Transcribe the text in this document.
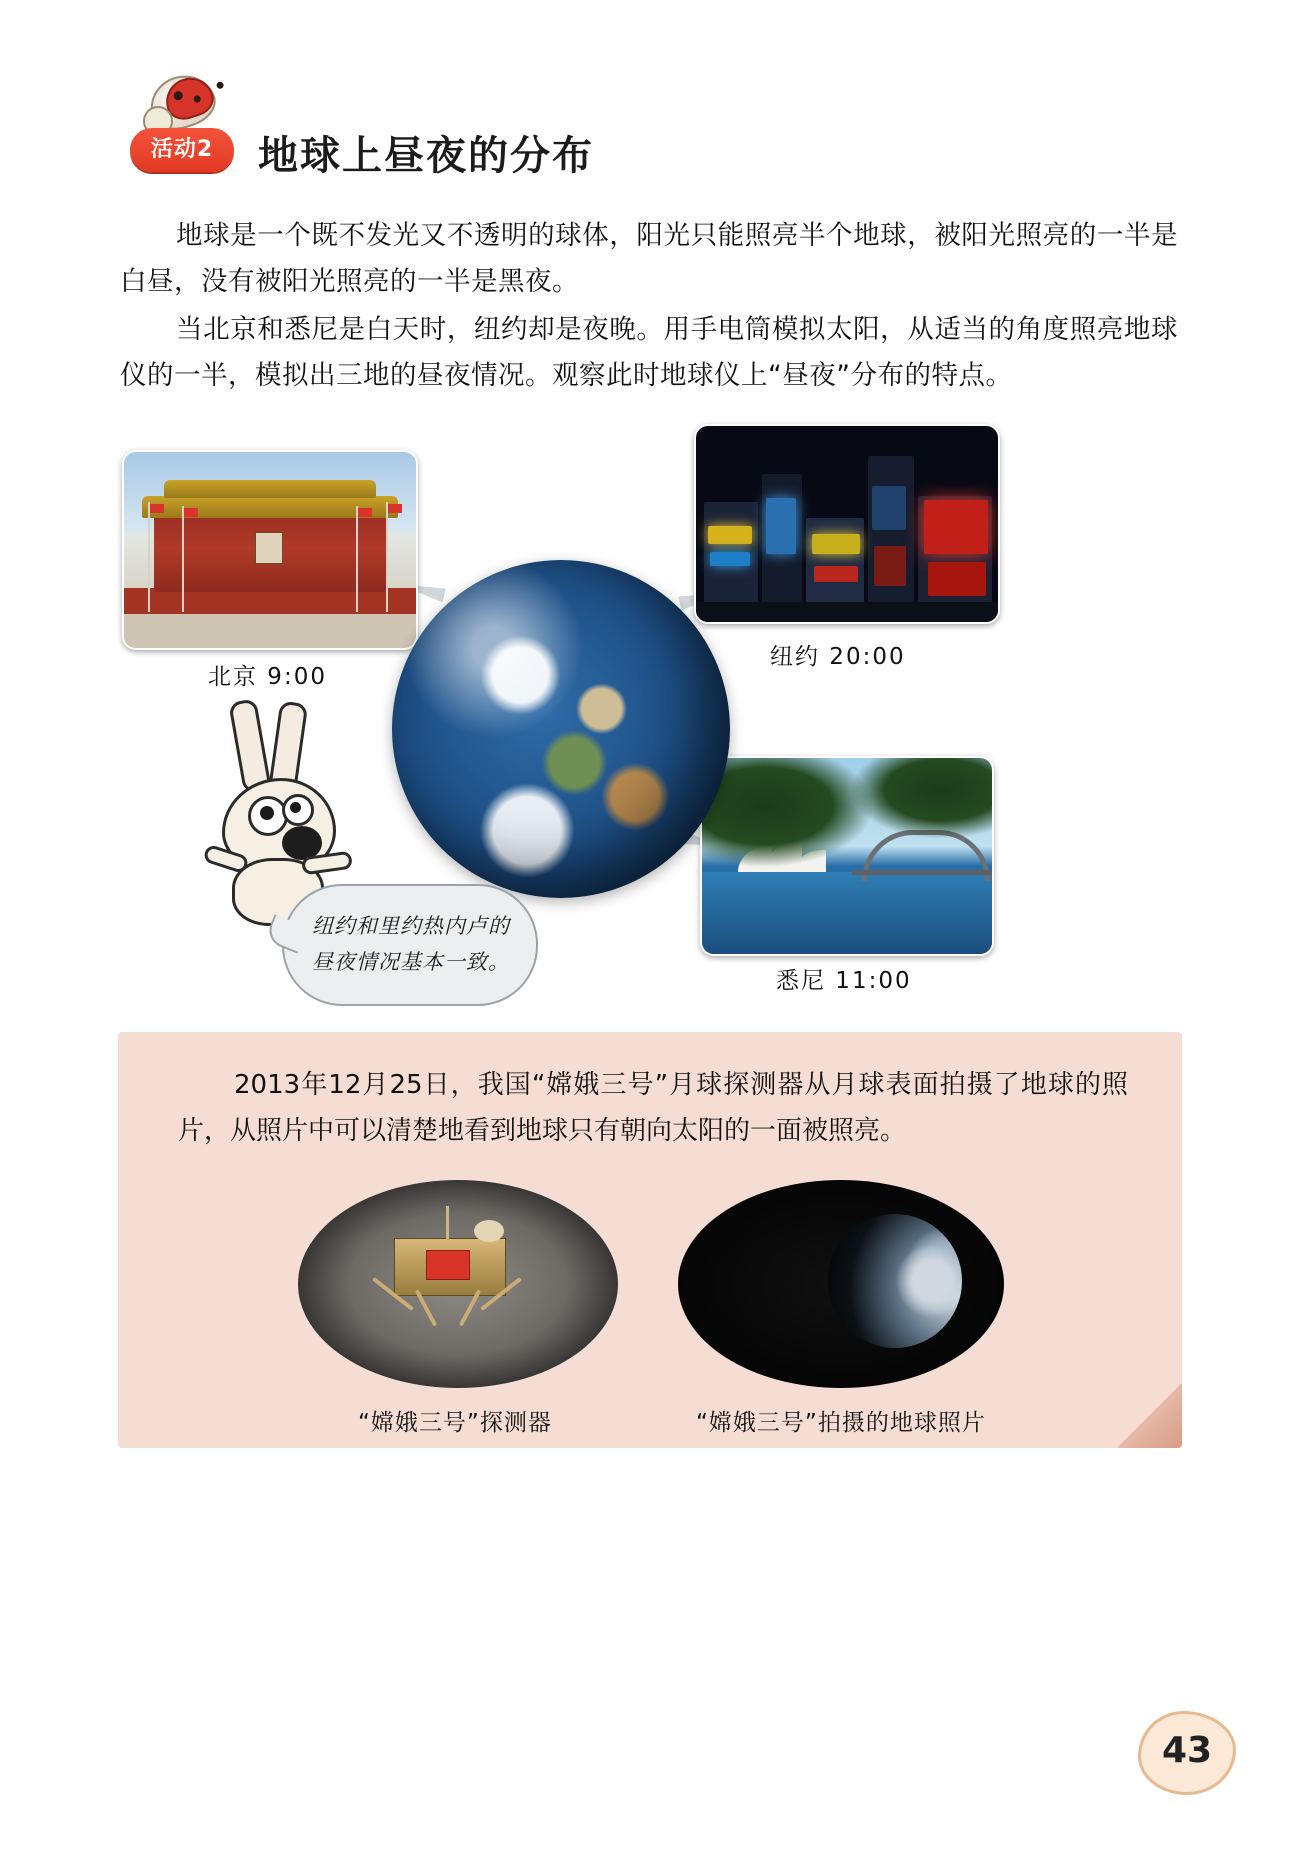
活动2	地球上昼夜的分布
地球是一个既不发光又不透明的球体，阳光只能照亮半个地球，被阳光照亮的一半是白昼，没有被阳光照亮的一半是黑夜。
当北京和悉尼是白天时，纽约却是夜晚。用手电筒模拟太阳，从适当的角度照亮地球仪的一半，模拟出三地的昼夜情况。观察此时地球仪上“昼夜”分布的特点。
北京 9:00
纽约 20:00
悉尼 11:00
纽约和里约热内卢的昼夜情况基本一致。
2013年12月25日，我国“嫦娥三号”月球探测器从月球表面拍摄了地球的照片，从照片中可以清楚地看到地球只有朝向太阳的一面被照亮。
“嫦娥三号”探测器	“嫦娥三号”拍摄的地球照片
43
